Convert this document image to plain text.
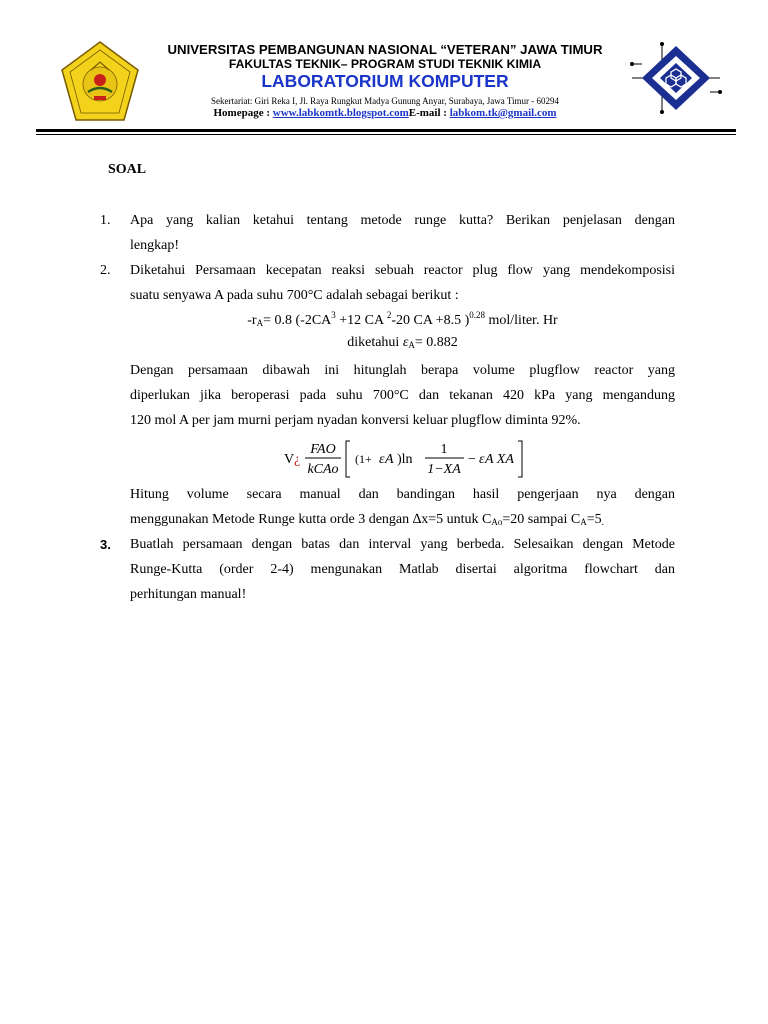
UNIVERSITAS PEMBANGUNAN NASIONAL “VETERAN” JAWA TIMUR
FAKULTAS TEKNIK– PROGRAM STUDI TEKNIK KIMIA
LABORATORIUM KOMPUTER
Sekertariat: Giri Reka I, Jl. Raya Rungkut Madya Gunung Anyar, Surabaya, Jawa Timur - 60294
Homepage : www.labkomtk.blogspot.comE-mail : labkom.tk@gmail.com
SOAL
1.	Apa yang kalian ketahui tentang metode runge kutta? Berikan penjelasan dengan
lengkap!
2.	Diketahui Persamaan kecepatan reaksi sebuah reactor plug flow yang mendekomposisi
suatu senyawa A pada suhu 700°C adalah sebagai berikut :
$-r_A= 0.8$ ($-2CA^3 +12$ CA $^2$-20 CA +8.5 )$^{0.28}$ mol/liter. Hr
diketahui $\varepsilon_A= 0.882$
Dengan persamaan dibawah ini hitunglah berapa volume plugflow reactor yang
diperlukan jika beroperasi pada suhu 700°C dan tekanan 420 kPa yang mengandung
120 mol A per jam murni perjam nyadan konversi keluar plugflow diminta 92%.
V ¿
FAO
kCAo
(1+ ε A )ln
1
1−XA
− ε A XA
Hitung volume secara manual dan bandingan hasil pengerjaan nya dengan
menggunakan Metode Runge kutta orde 3 dengan ∆x=5 untuk $C_{Ao}=20$ sampai $C_A=5_.$
3.	Buatlah persamaan dengan batas dan interval yang berbeda. Selesaikan dengan Metode
Runge-Kutta (order 2-4) mengunakan Matlab disertai algoritma flowchart dan
perhitungan manual!
